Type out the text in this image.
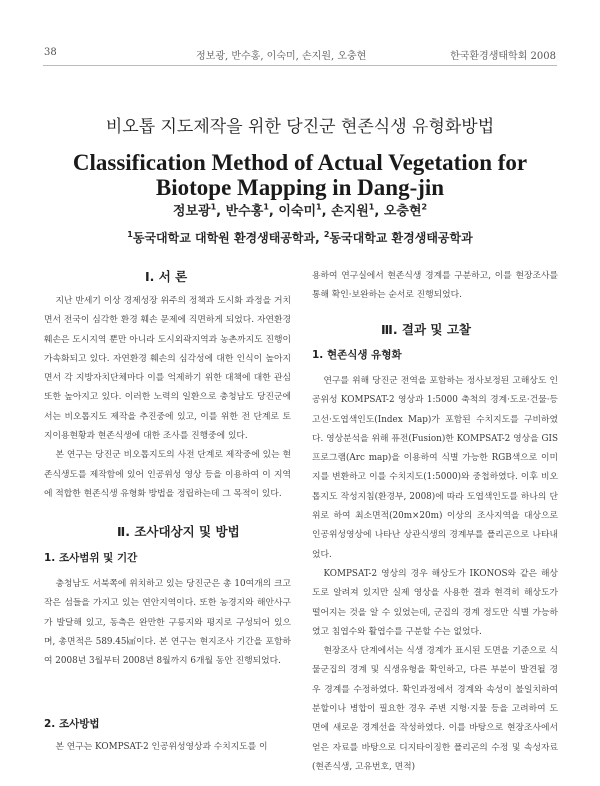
38	정보광, 반수홍, 이숙미, 손지원, 오충현	한국환경생태학회 2008
비오톱 지도제작을 위한 당진군 현존식생 유형화방법
Classification Method of Actual Vegetation for Biotope Mapping in Dang-jin
정보광$^1$, 반수홍$^1$, 이숙미$^1$, 손지원$^1$, 오충현$^2$
$^1$동국대학교 대학원 환경생태공학과, $^2$동국대학교 환경생태공학과
Ⅰ. 서 론

지난 반세기 이상 경제성장 위주의 정책과 도시화 과정을 거치면서 전국이 심각한 환경 훼손 문제에 직면하게 되었다. 자연환경 훼손은 도시지역 뿐만 아니라 도시외곽지역과 농촌까지도 진행이 가속화되고 있다. 자연환경 훼손의 심각성에 대한 인식이 높아지면서 각 지방자치단체마다 이를 억제하기 위한 대책에 대한 관심 또한 높아지고 있다. 이러한 노력의 일환으로 충청남도 당진군에서는 비오톱지도 제작을 추진중에 있고, 이를 위한 전 단계로 토지이용현황과 현존식생에 대한 조사를 진행중에 있다.

본 연구는 당진군 비오톱지도의 사전 단계로 제작중에 있는 현존식생도를 제작함에 있어 인공위성 영상 등을 이용하여 이 지역에 적합한 현존식생 유형화 방법을 정립하는데 그 목적이 있다.

Ⅱ. 조사대상지 및 방법
1. 조사범위 및 기간

충청남도 서북쪽에 위치하고 있는 당진군은 총 10여개의 크고 작은 섬들을 가지고 있는 연안지역이다. 또한 농경지와 해안사구가 발달해 있고, 동측은 완만한 구릉지와 평지로 구성되어 있으며, 총면적은 589.45㎢이다. 본 연구는 현지조사 기간을 포함하여 2008년 3월부터 2008년 8월까지 6개월 동안 진행되었다.

2. 조사방법

본 연구는 KOMPSAT-2 인공위성영상과 수치지도를 이

용하여 연구실에서 현존식생 경계를 구분하고, 이를 현장조사를 통해 확인·보완하는 순서로 진행되었다.

Ⅲ. 결과 및 고찰
1. 현존식생 유형화

연구를 위해 당진군 전역을 포함하는 정사보정된 고해상도 인공위성 KOMPSAT-2 영상과 1:5000 축척의 경계·도로·건물·등고선·도엽색인도(Index Map)가 포함된 수치지도를 구비하였다. 영상분석을 위해 퓨전(Fusion)한 KOMPSAT-2 영상을 GIS 프로그램(Arc map)을 이용하여 식별 가능한 RGB색으로 이미지를 변환하고 이를 수치지도(1:5000)와 중첩하였다. 이후 비오톱지도 작성지침(환경부, 2008)에 따라 도엽색인도를 하나의 단위로 하여 최소면적(20m×20m) 이상의 조사지역을 대상으로 인공위성영상에 나타난 상관식생의 경계부를 폴리곤으로 나타내었다.

KOMPSAT-2 영상의 경우 해상도가 IKONOS와 같은 해상도로 알려져 있지만 실제 영상을 사용한 결과 현격히 해상도가 떨어지는 것을 알 수 있었는데, 군집의 경계 정도만 식별 가능하였고 침엽수와 활엽수를 구분할 수는 없었다.

현장조사 단계에서는 식생 경계가 표시된 도면을 기준으로 식물군집의 경계 및 식생유형을 확인하고, 다른 부분이 발견될 경우 경계를 수정하였다. 확인과정에서 경계와 속성이 불일치하여 분할이나 병합이 필요한 경우 주변 지형·지물 등을 고려하여 도면에 새로운 경계선을 작성하였다. 이를 바탕으로 현장조사에서 얻은 자료를 바탕으로 디지타이징한 폴리곤의 수정 및 속성자료(현존식생, 고유번호, 면적)
